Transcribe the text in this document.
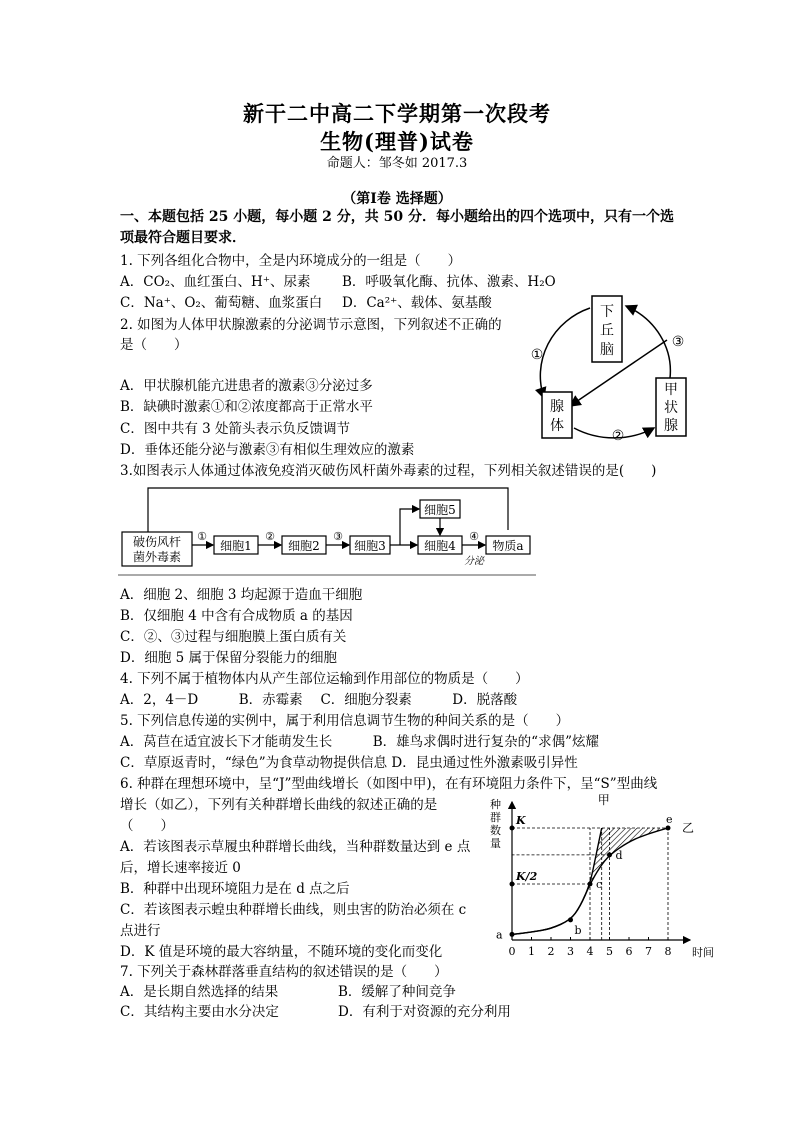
新干二中高二下学期第一次段考
生物(理普)试卷
命题人：邹冬如 2017.3
（第Ⅰ卷 选择题）
一、本题包括 25 小题，每小题 2 分，共 50 分．每小题给出的四个选项中，只有一个选项最符合题目要求．
1. 下列各组化合物中，全是内环境成分的一组是（　　）
A．CO₂、血红蛋白、H⁺、尿素 B．呼吸氧化酶、抗体、激素、H₂O
C．Na⁺、O₂、葡萄糖、血浆蛋白 D．Ca²⁺、载体、氨基酸
2. 如图为人体甲状腺激素的分泌调节示意图，下列叙述不正确的
是（　　）
A．甲状腺机能亢进患者的激素③分泌过多
B．缺碘时激素①和②浓度都高于正常水平
C．图中共有 3 处箭头表示负反馈调节
D．垂体还能分泌与激素③有相似生理效应的激素
下
丘
脑
甲
状
腺
腺
体
①
②
③
3.如图表示人体通过体液免疫消灭破伤风杆菌外毒素的过程，下列相关叙述错误的是(　　)
破伤风杆
菌外毒素
细胞1	细胞2	细胞3
细胞5
细胞4	物质a
①	②	③	④
分泌
A．细胞 2、细胞 3 均起源于造血干细胞
B．仅细胞 4 中含有合成物质 a 的基因
C．②、③过程与细胞膜上蛋白质有关
D．细胞 5 属于保留分裂能力的细胞
4. 下列不属于植物体内从产生部位运输到作用部位的物质是（　　）
A．2，4－D　　　B．赤霉素　 C．细胞分裂素　　　D．脱落酸
5. 下列信息传递的实例中，属于利用信息调节生物的种间关系的是（　　）
A．莴苣在适宜波长下才能萌发生长　　　B．雄鸟求偶时进行复杂的“求偶”炫耀
C．草原返青时，“绿色”为食草动物提供信息 D．昆虫通过性外激素吸引异性
6. 种群在理想环境中，呈“J”型曲线增长（如图中甲)，在有环境阻力条件下，呈“S”型曲线
增长（如乙），下列有关种群增长曲线的叙述正确的是
（　　）
A．若该图表示草履虫种群增长曲线，当种群数量达到 e 点
后，增长速率接近 0
B．种群中出现环境阻力是在 d 点之后
C．若该图表示蝗虫种群增长曲线，则虫害的防治必须在 c
点进行
D．K 值是环境的最大容纳量，不随环境的变化而变化
种
群
数
量
时间
0 1 2 3 4 5 6 7 8
K
K/2
a	b
c
d
e
甲
乙
7. 下列关于森林群落垂直结构的叙述错误的是（　　）
A．是长期自然选择的结果	B．缓解了种间竞争
C．其结构主要由水分决定	D．有利于对资源的充分利用
